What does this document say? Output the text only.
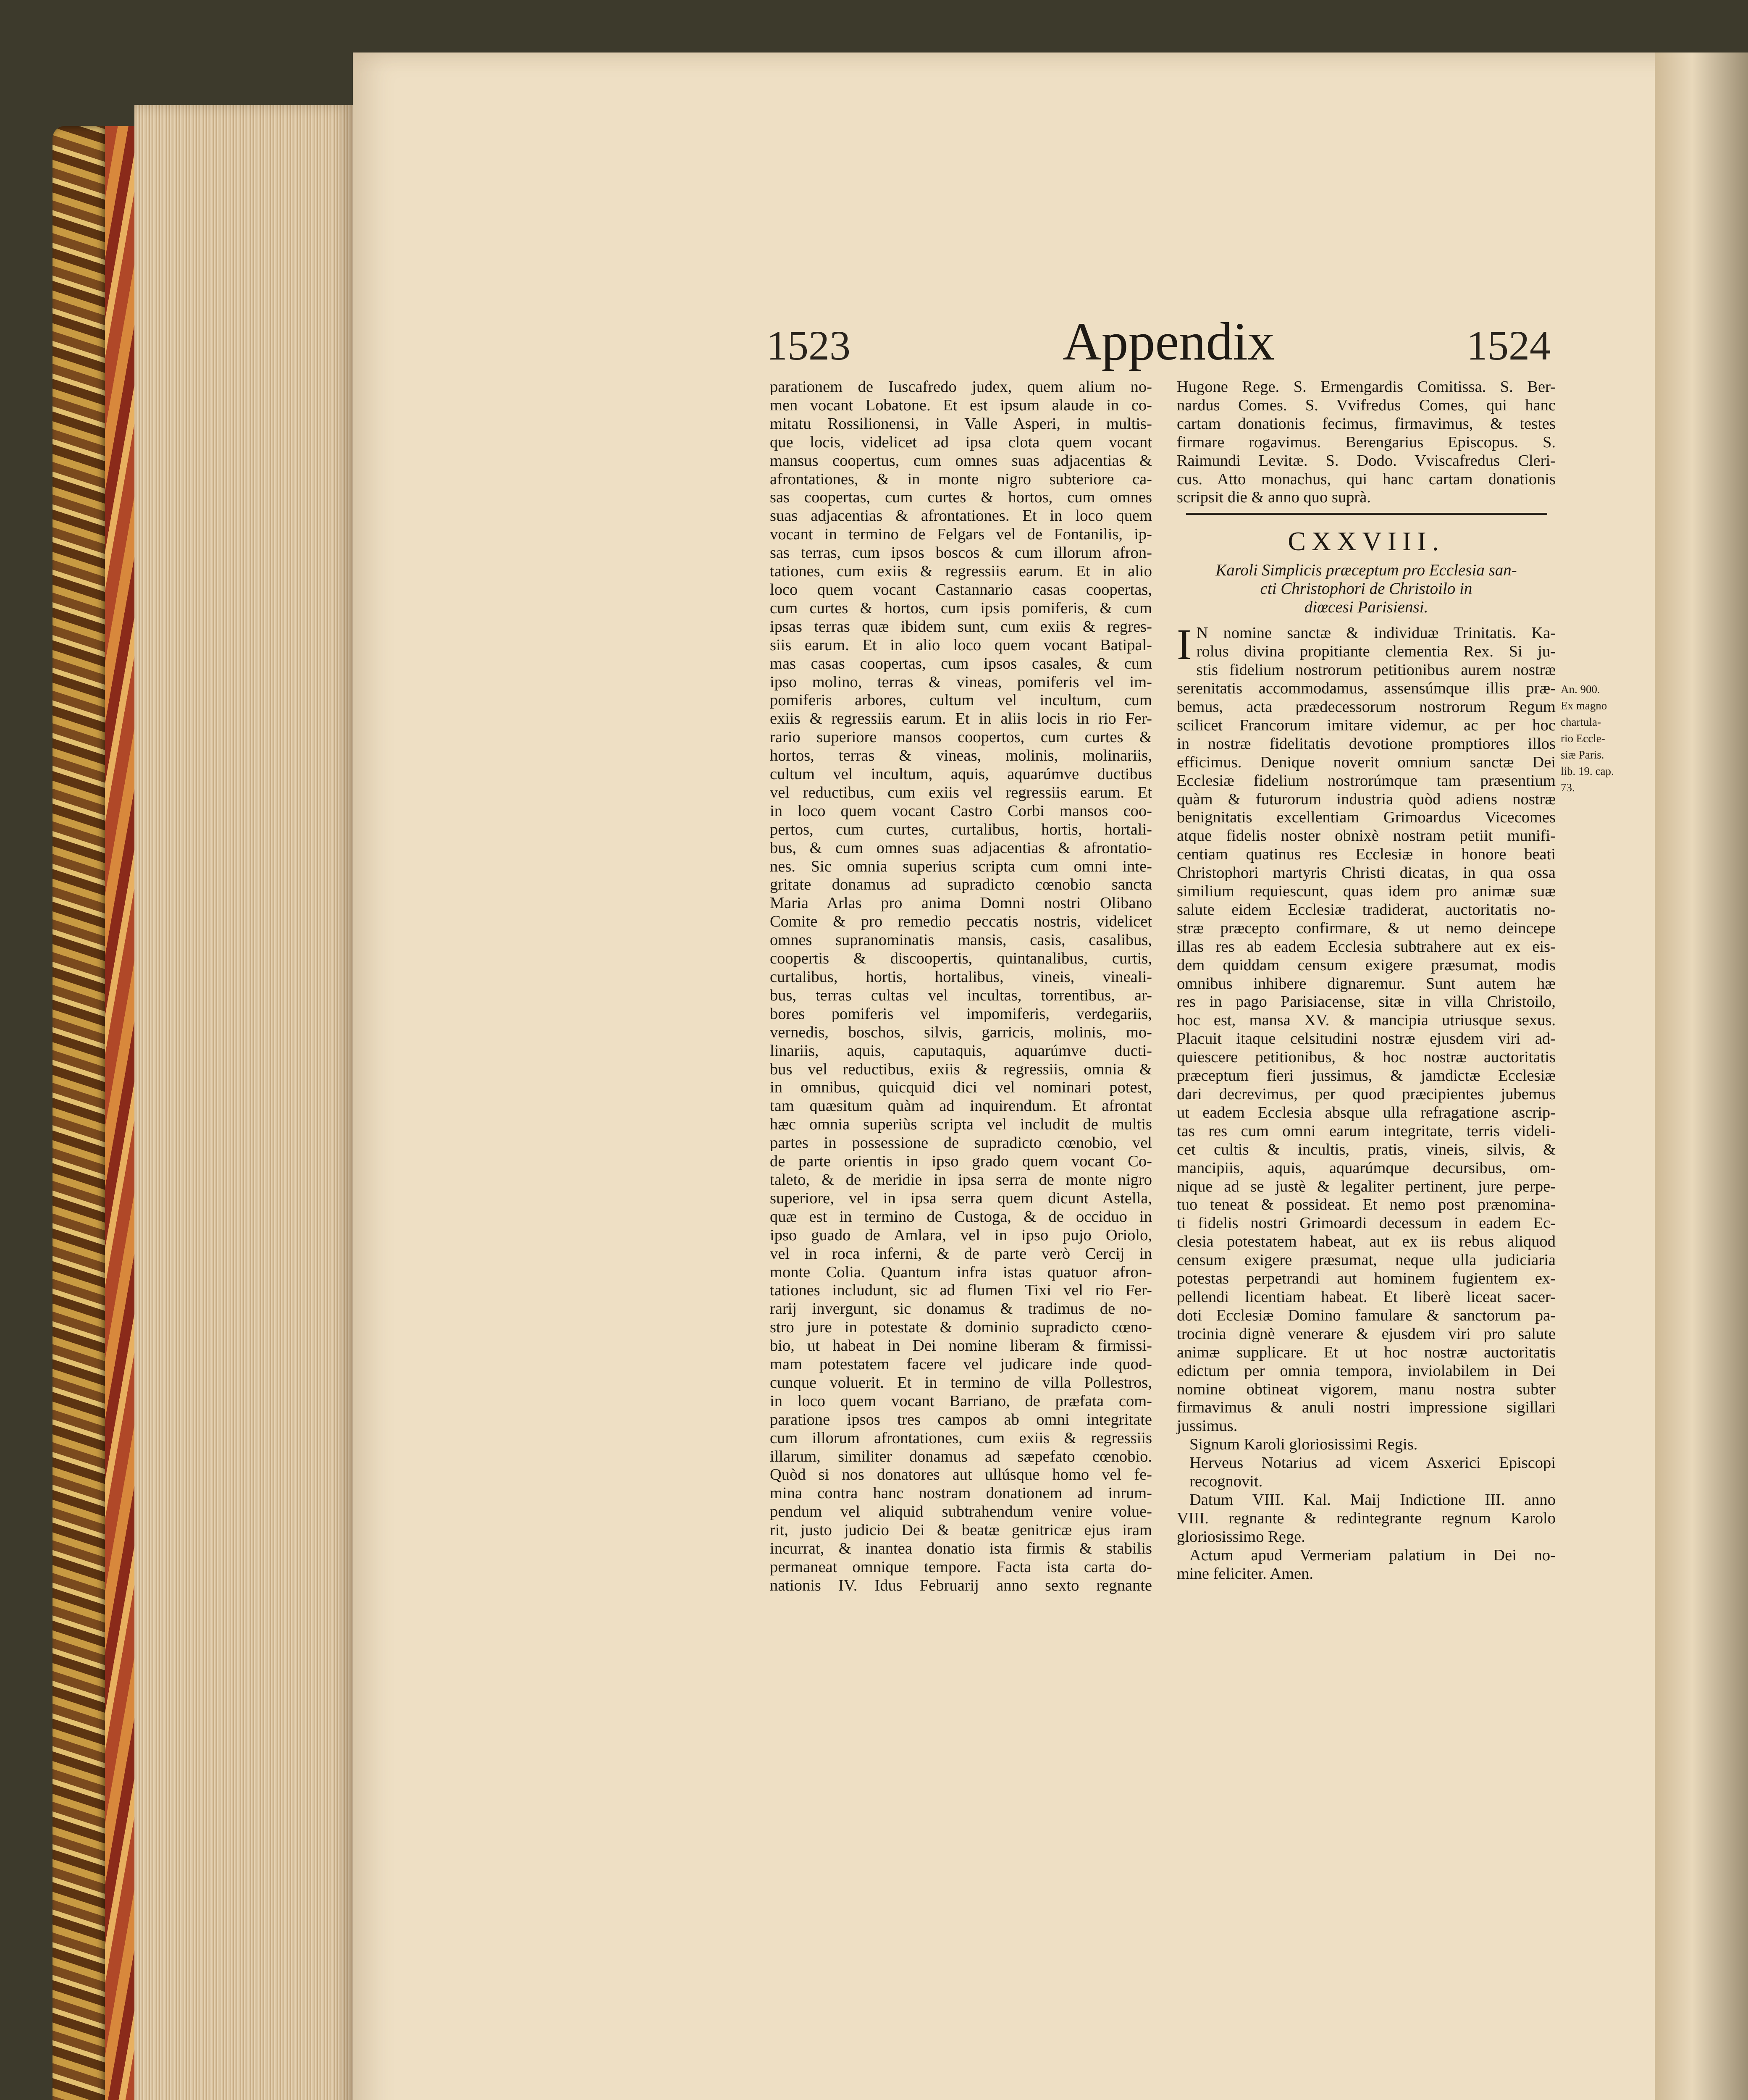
1523	Appendix	1524
parationem de Iuscafredo judex, quem alium no-
men vocant Lobatone. Et est ipsum alaude in co-
mitatu Rossilionensi, in Valle Asperi, in multis-
que locis, videlicet ad ipsa clota quem vocant
mansus coopertus, cum omnes suas adjacentias &
afrontationes, & in monte nigro subteriore ca-
sas coopertas, cum curtes & hortos, cum omnes
suas adjacentias & afrontationes. Et in loco quem
vocant in termino de Felgars vel de Fontanilis, ip-
sas terras, cum ipsos boscos & cum illorum afron-
tationes, cum exiis & regressiis earum. Et in alio
loco quem vocant Castannario casas coopertas,
cum curtes & hortos, cum ipsis pomiferis, & cum
ipsas terras quæ ibidem sunt, cum exiis & regres-
siis earum. Et in alio loco quem vocant Batipal-
mas casas coopertas, cum ipsos casales, & cum
ipso molino, terras & vineas, pomiferis vel im-
pomiferis arbores, cultum vel incultum, cum
exiis & regressiis earum. Et in aliis locis in rio Fer-
rario superiore mansos coopertos, cum curtes &
hortos, terras & vineas, molinis, molinariis,
cultum vel incultum, aquis, aquarúmve ductibus
vel reductibus, cum exiis vel regressiis earum. Et
in loco quem vocant Castro Corbi mansos coo-
pertos, cum curtes, curtalibus, hortis, hortali-
bus, & cum omnes suas adjacentias & afrontatio-
nes. Sic omnia superius scripta cum omni inte-
gritate donamus ad supradicto cœnobio sancta
Maria Arlas pro anima Domni nostri Olibano
Comite & pro remedio peccatis nostris, videlicet
omnes supranominatis mansis, casis, casalibus,
coopertis & discoopertis, quintanalibus, curtis,
curtalibus, hortis, hortalibus, vineis, vineali-
bus, terras cultas vel incultas, torrentibus, ar-
bores pomiferis vel impomiferis, verdegariis,
vernedis, boschos, silvis, garricis, molinis, mo-
linariis, aquis, caputaquis, aquarúmve ducti-
bus vel reductibus, exiis & regressiis, omnia &
in omnibus, quicquid dici vel nominari potest,
tam quæsitum quàm ad inquirendum. Et afrontat
hæc omnia superiùs scripta vel includit de multis
partes in possessione de supradicto cœnobio, vel
de parte orientis in ipso grado quem vocant Co-
taleto, & de meridie in ipsa serra de monte nigro
superiore, vel in ipsa serra quem dicunt Astella,
quæ est in termino de Custoga, & de occiduo in
ipso guado de Amlara, vel in ipso pujo Oriolo,
vel in roca inferni, & de parte verò Cercij in
monte Colia. Quantum infra istas quatuor afron-
tationes includunt, sic ad flumen Tixi vel rio Fer-
rarij invergunt, sic donamus & tradimus de no-
stro jure in potestate & dominio supradicto cœno-
bio, ut habeat in Dei nomine liberam & firmissi-
mam potestatem facere vel judicare inde quod-
cunque voluerit. Et in termino de villa Pollestros,
in loco quem vocant Barriano, de præfata com-
paratione ipsos tres campos ab omni integritate
cum illorum afrontationes, cum exiis & regressiis
illarum, similiter donamus ad sæpefato cœnobio.
Quòd si nos donatores aut ullúsque homo vel fe-
mina contra hanc nostram donationem ad inrum-
pendum vel aliquid subtrahendum venire volue-
rit, justo judicio Dei & beatæ genitricæ ejus iram
incurrat, & inantea donatio ista firmis & stabilis
permaneat omnique tempore. Facta ista carta do-
nationis IV. Idus Februarij anno sexto regnante
Hugone Rege. S. Ermengardis Comitissa. S. Ber-
nardus Comes. S. Vvifredus Comes, qui hanc
cartam donationis fecimus, firmavimus, & testes
firmare rogavimus. Berengarius Episcopus. S.
Raimundi Levitæ. S. Dodo. Vviscafredus Cleri-
cus. Atto monachus, qui hanc cartam donationis
scripsit die & anno quo suprà.
CXXVIII.
Karoli Simplicis præceptum pro Ecclesia san-
cti Christophori de Christoilo in
diœcesi Parisiensi.
I N nomine sanctæ & individuæ Trinitatis. Ka-
rolus divina propitiante clementia Rex. Si ju-
stis fidelium nostrorum petitionibus aurem nostræ
serenitatis accommodamus, assensúmque illis præ-
bemus, acta prædecessorum nostrorum Regum
scilicet Francorum imitare videmur, ac per hoc
in nostræ fidelitatis devotione promptiores illos
efficimus. Denique noverit omnium sanctæ Dei
Ecclesiæ fidelium nostrorúmque tam præsentium
quàm & futurorum industria quòd adiens nostræ
benignitatis excellentiam Grimoardus Vicecomes
atque fidelis noster obnixè nostram petiit munifi-
centiam quatinus res Ecclesiæ in honore beati
Christophori martyris Christi dicatas, in qua ossa
similium requiescunt, quas idem pro animæ suæ
salute eidem Ecclesiæ tradiderat, auctoritatis no-
stræ præcepto confirmare, & ut nemo deincepe
illas res ab eadem Ecclesia subtrahere aut ex eis-
dem quiddam censum exigere præsumat, modis
omnibus inhibere dignaremur. Sunt autem hæ
res in pago Parisiacense, sitæ in villa Christoilo,
hoc est, mansa XV. & mancipia utriusque sexus.
Placuit itaque celsitudini nostræ ejusdem viri ad-
quiescere petitionibus, & hoc nostræ auctoritatis
præceptum fieri jussimus, & jamdictæ Ecclesiæ
dari decrevimus, per quod præcipientes jubemus
ut eadem Ecclesia absque ulla refragatione ascrip-
tas res cum omni earum integritate, terris videli-
cet cultis & incultis, pratis, vineis, silvis, &
mancipiis, aquis, aquarúmque decursibus, om-
nique ad se justè & legaliter pertinent, jure perpe-
tuo teneat & possideat. Et nemo post prænomina-
ti fidelis nostri Grimoardi decessum in eadem Ec-
clesia potestatem habeat, aut ex iis rebus aliquod
censum exigere præsumat, neque ulla judiciaria
potestas perpetrandi aut hominem fugientem ex-
pellendi licentiam habeat. Et liberè liceat sacer-
doti Ecclesiæ Domino famulare & sanctorum pa-
trocinia dignè venerare & ejusdem viri pro salute
animæ supplicare. Et ut hoc nostræ auctoritatis
edictum per omnia tempora, inviolabilem in Dei
nomine obtineat vigorem, manu nostra subter
firmavimus & anuli nostri impressione sigillari
jussimus.
Signum Karoli gloriosissimi Regis.
Herveus Notarius ad vicem Asxerici Episcopi
recognovit.
Datum VIII. Kal. Maij Indictione III. anno
VIII. regnante & redintegrante regnum Karolo
gloriosissimo Rege.
Actum apud Vermeriam palatium in Dei no-
mine feliciter. Amen.
An. 900.
Ex magno
chartula-
rio Eccle-
siæ Paris.
lib. 19. cap.
73.
